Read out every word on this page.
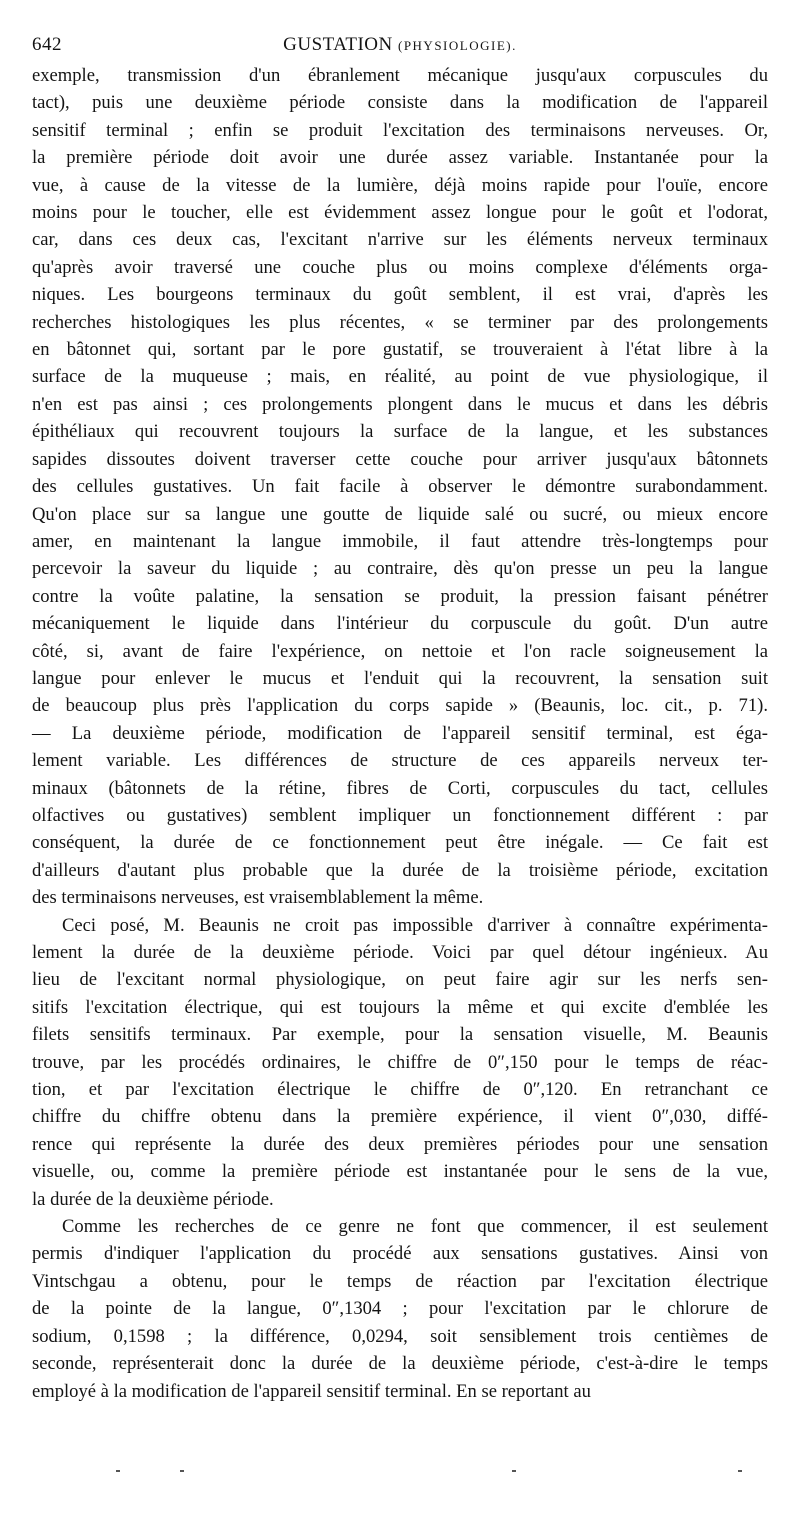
642	GUSTATION (PHYSIOLOGIE).
exemple, transmission d'un ébranlement mécanique jusqu'aux corpuscules du
tact), puis une deuxième période consiste dans la modification de l'appareil
sensitif terminal ; enfin se produit l'excitation des terminaisons nerveuses. Or,
la première période doit avoir une durée assez variable. Instantanée pour la
vue, à cause de la vitesse de la lumière, déjà moins rapide pour l'ouïe, encore
moins pour le toucher, elle est évidemment assez longue pour le goût et l'odorat,
car, dans ces deux cas, l'excitant n'arrive sur les éléments nerveux terminaux
qu'après avoir traversé une couche plus ou moins complexe d'éléments orga-
niques. Les bourgeons terminaux du goût semblent, il est vrai, d'après les
recherches histologiques les plus récentes, « se terminer par des prolongements
en bâtonnet qui, sortant par le pore gustatif, se trouveraient à l'état libre à la
surface de la muqueuse ; mais, en réalité, au point de vue physiologique, il
n'en est pas ainsi ; ces prolongements plongent dans le mucus et dans les débris
épithéliaux qui recouvrent toujours la surface de la langue, et les substances
sapides dissoutes doivent traverser cette couche pour arriver jusqu'aux bâtonnets
des cellules gustatives. Un fait facile à observer le démontre surabondamment.
Qu'on place sur sa langue une goutte de liquide salé ou sucré, ou mieux encore
amer, en maintenant la langue immobile, il faut attendre très-longtemps pour
percevoir la saveur du liquide ; au contraire, dès qu'on presse un peu la langue
contre la voûte palatine, la sensation se produit, la pression faisant pénétrer
mécaniquement le liquide dans l'intérieur du corpuscule du goût. D'un autre
côté, si, avant de faire l'expérience, on nettoie et l'on racle soigneusement la
langue pour enlever le mucus et l'enduit qui la recouvrent, la sensation suit
de beaucoup plus près l'application du corps sapide » (Beaunis, loc. cit., p. 71).
— La deuxième période, modification de l'appareil sensitif terminal, est éga-
lement variable. Les différences de structure de ces appareils nerveux ter-
minaux (bâtonnets de la rétine, fibres de Corti, corpuscules du tact, cellules
olfactives ou gustatives) semblent impliquer un fonctionnement différent : par
conséquent, la durée de ce fonctionnement peut être inégale. — Ce fait est
d'ailleurs d'autant plus probable que la durée de la troisième période, excitation
des terminaisons nerveuses, est vraisemblablement la même.
Ceci posé, M. Beaunis ne croit pas impossible d'arriver à connaître expérimenta-
lement la durée de la deuxième période. Voici par quel détour ingénieux. Au
lieu de l'excitant normal physiologique, on peut faire agir sur les nerfs sen-
sitifs l'excitation électrique, qui est toujours la même et qui excite d'emblée les
filets sensitifs terminaux. Par exemple, pour la sensation visuelle, M. Beaunis
trouve, par les procédés ordinaires, le chiffre de 0″,150 pour le temps de réac-
tion, et par l'excitation électrique le chiffre de 0″,120. En retranchant ce
chiffre du chiffre obtenu dans la première expérience, il vient 0″,030, diffé-
rence qui représente la durée des deux premières périodes pour une sensation
visuelle, ou, comme la première période est instantanée pour le sens de la vue,
la durée de la deuxième période.
Comme les recherches de ce genre ne font que commencer, il est seulement
permis d'indiquer l'application du procédé aux sensations gustatives. Ainsi von
Vintschgau a obtenu, pour le temps de réaction par l'excitation électrique
de la pointe de la langue, 0″,1304 ; pour l'excitation par le chlorure de
sodium, 0,1598 ; la différence, 0,0294, soit sensiblement trois centièmes de
seconde, représenterait donc la durée de la deuxième période, c'est-à-dire le temps
employé à la modification de l'appareil sensitif terminal. En se reportant au
